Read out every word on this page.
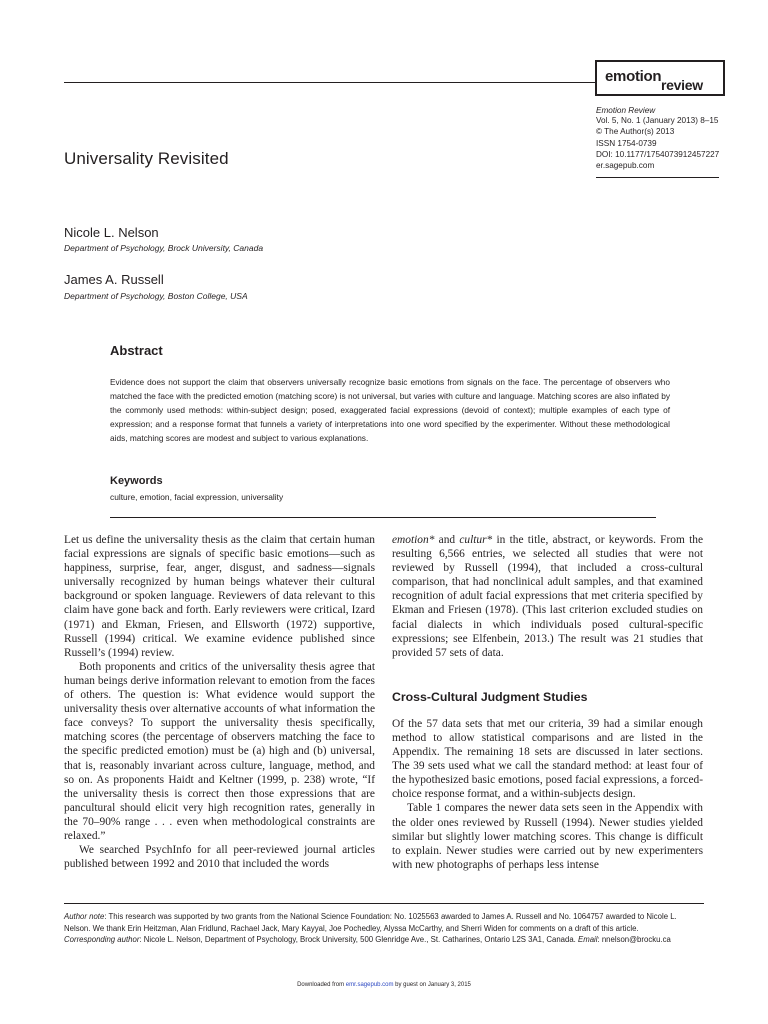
emotion review
Emotion Review
Vol. 5, No. 1 (January 2013) 8–15
© The Author(s) 2013
ISSN 1754-0739
DOI: 10.1177/1754073912457227
er.sagepub.com
Universality Revisited
Nicole L. Nelson
Department of Psychology, Brock University, Canada
James A. Russell
Department of Psychology, Boston College, USA
Abstract
Evidence does not support the claim that observers universally recognize basic emotions from signals on the face. The percentage of observers who matched the face with the predicted emotion (matching score) is not universal, but varies with culture and language. Matching scores are also inflated by the commonly used methods: within-subject design; posed, exaggerated facial expressions (devoid of context); multiple examples of each type of expression; and a response format that funnels a variety of interpretations into one word specified by the experimenter. Without these methodological aids, matching scores are modest and subject to various explanations.
Keywords
culture, emotion, facial expression, universality

Let us define the universality thesis as the claim that certain human facial expressions are signals of specific basic emotions—such as happiness, surprise, fear, anger, disgust, and sadness—signals universally recognized by human beings whatever their cultural background or spoken language. Reviewers of data relevant to this claim have gone back and forth. Early reviewers were critical, Izard (1971) and Ekman, Friesen, and Ellsworth (1972) supportive, Russell (1994) critical. We examine evidence published since Russell’s (1994) review.

Both proponents and critics of the universality thesis agree that human beings derive information relevant to emotion from the faces of others. The question is: What evidence would support the universality thesis over alternative accounts of what information the face conveys? To support the universality thesis specifically, matching scores (the percentage of observers matching the face to the specific predicted emotion) must be (a) high and (b) universal, that is, reasonably invariant across culture, language, method, and so on. As proponents Haidt and Keltner (1999, p. 238) wrote, “If the universality thesis is correct then those expressions that are pancultural should elicit very high recognition rates, generally in the 70–90% range . . . even when methodological constraints are relaxed.”

We searched PsychInfo for all peer-reviewed journal articles published between 1992 and 2010 that included the words

emotion* and cultur* in the title, abstract, or keywords. From the resulting 6,566 entries, we selected all studies that were not reviewed by Russell (1994), that included a cross-cultural comparison, that had nonclinical adult samples, and that examined recognition of adult facial expressions that met criteria specified by Ekman and Friesen (1978). (This last criterion excluded studies on facial dialects in which individuals posed cultural-specific expressions; see Elfenbein, 2013.) The result was 21 studies that provided 57 sets of data.

Cross-Cultural Judgment Studies

Of the 57 data sets that met our criteria, 39 had a similar enough method to allow statistical comparisons and are listed in the Appendix. The remaining 18 sets are discussed in later sections. The 39 sets used what we call the standard method: at least four of the hypothesized basic emotions, posed facial expressions, a forced-choice response format, and a within-subjects design.

Table 1 compares the newer data sets seen in the Appendix with the older ones reviewed by Russell (1994). Newer studies yielded similar but slightly lower matching scores. This change is difficult to explain. Newer studies were carried out by new experimenters with new photographs of perhaps less intense

Author note: This research was supported by two grants from the National Science Foundation: No. 1025563 awarded to James A. Russell and No. 1064757 awarded to Nicole L. Nelson. We thank Erin Heitzman, Alan Fridlund, Rachael Jack, Mary Kayyal, Joe Pochedley, Alyssa McCarthy, and Sherri Widen for comments on a draft of this article.
Corresponding author: Nicole L. Nelson, Department of Psychology, Brock University, 500 Glenridge Ave., St. Catharines, Ontario L2S 3A1, Canada. Email: nnelson@brocku.ca
Downloaded from emr.sagepub.com by guest on January 3, 2015
